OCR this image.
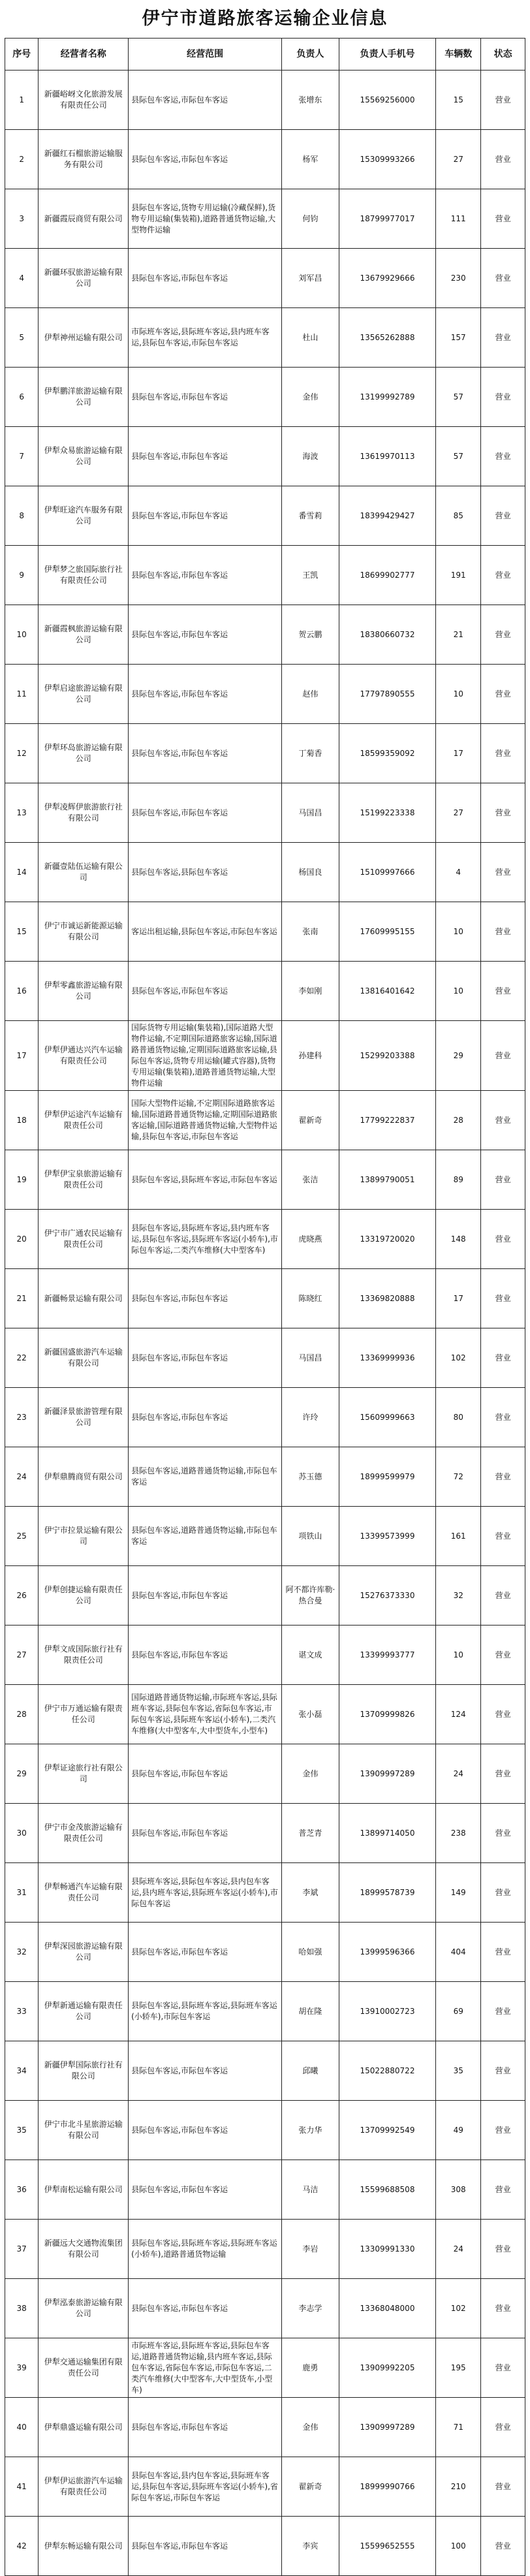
伊宁市道路旅客运输企业信息
序号	经营者名称	经营范围	负责人	负责人手机号	车辆数	状态
1	新疆峪岈文化旅游发展有限责任公司	县际包车客运,市际包车客运	张增东	15569256000	15	营业
2	新疆红石榴旅游运输服务有限公司	县际包车客运,市际包车客运	杨军	15309993266	27	营业
3	新疆霞辰商贸有限公司	县际包车客运,货物专用运输(冷藏保鲜),货物专用运输(集装箱),道路普通货物运输,大型物件运输	何钧	18799977017	111	营业
4	新疆环驭旅游运输有限公司	县际包车客运,市际包车客运	刘军昌	13679929666	230	营业
5	伊犁神州运输有限公司	市际班车客运,县际班车客运,县内班车客运,县际包车客运,市际包车客运	杜山	13565262888	157	营业
6	伊犁鹏洋旅游运输有限公司	县际包车客运,市际包车客运	金伟	13199992789	57	营业
7	伊犁众易旅游运输有限公司	县际包车客运,市际包车客运	海波	13619970113	57	营业
8	伊犁旺途汽车服务有限公司	县际包车客运,市际包车客运	番雪莉	18399429427	85	营业
9	伊犁梦之旅国际旅行社有限责任公司	县际包车客运,市际包车客运	王凯	18699902777	191	营业
10	新疆霞枫旅游运输有限公司	县际包车客运,市际包车客运	贺云鹏	18380660732	21	营业
11	伊犁启途旅游运输有限公司	县际包车客运,市际包车客运	赵伟	17797890555	10	营业
12	伊犁环岛旅游运输有限公司	县际包车客运,市际包车客运	丁菊香	18599359092	17	营业
13	伊犁凌辉伊旅游旅行社有限公司	县际包车客运,市际包车客运	马国昌	15199223338	27	营业
14	新疆壹陆伍运输有限公司	县际包车客运,县际包车客运	杨国良	15109997666	4	营业
15	伊宁市诚运新能源运输有限公司	客运出租运输,县际包车客运,市际包车客运	张南	17609995155	10	营业
16	伊犁零鑫旅游运输有限公司	县际包车客运,市际包车客运	李如刚	13816401642	10	营业
17	伊犁伊通达兴汽车运输有限责任公司	国际货物专用运输(集装箱),国际道路大型物件运输,不定期国际道路旅客运输,国际道路普通货物运输,定期国际道路旅客运输,县际包车客运,货物专用运输(罐式容器),货物专用运输(集装箱),道路普通货物运输,大型物件运输	孙建科	15299203388	29	营业
18	伊犁伊运途汽车运输有限责任公司	国际大型物件运输,不定期国际道路旅客运输,国际道路普通货物运输,定期国际道路旅客运输,国际道路普通货物运输,大型物件运输,县际包车客运,市际包车客运	翟新奇	17799222837	28	营业
19	伊犁伊宝泉旅游运输有限责任公司	县际包车客运,县际班车客运,市际包车客运	张洁	13899790051	89	营业
20	伊宁市广通农民运输有限责任公司	县际包车客运,县际班车客运,县内班车客运,县际包车客运,县际班车客运(小轿车),市际包车客运,二类汽车维修(大中型客车)	虎晓燕	13319720020	148	营业
21	新疆畅景运输有限公司	县际包车客运,市际包车客运	陈晓红	13369820888	17	营业
22	新疆国盛旅游汽车运输有限公司	县际包车客运,市际包车客运	马国昌	13369999936	102	营业
23	新疆泽景旅游管理有限公司	县际包车客运,市际包车客运	许玲	15609999663	80	营业
24	伊犁鼎腾商贸有限公司	县际包车客运,道路普通货物运输,市际包车客运	苏玉德	18999599979	72	营业
25	伊宁市拉景运输有限公司	县际包车客运,道路普通货物运输,市际包车客运	项铁山	13399573999	161	营业
26	伊犁创捷运输有限责任公司	县际包车客运,市际包车客运	阿不都许库勒·热合曼	15276373330	32	营业
27	伊犁文成国际旅行社有限责任公司	县际包车客运,市际包车客运	谌文成	13399993777	10	营业
28	伊宁市万通运输有限责任公司	国际道路普通货物运输,市际班车客运,县际班车客运,县际包车客运,省际包车客运,市际包车客运,县际班车客运(小轿车),二类汽车维修(大中型客车,大中型货车,小型车)	张小磊	13709999826	124	营业
29	伊犁证途旅行社有限公司	县际包车客运,市际包车客运	金伟	13909997289	24	营业
30	伊宁市金茂旅游运输有限责任公司	县际包车客运,市际包车客运	普芝青	13899714050	238	营业
31	伊犁畅通汽车运输有限责任公司	县际班车客运,县际包车客运,县内包车客运,县内班车客运,县际班车客运(小轿车),市际包车客运	李斌	18999578739	149	营业
32	伊犁深园旅游运输有限公司	县际包车客运,市际包车客运	哈如强	13999596366	404	营业
33	伊犁新通运输有限责任公司	县际包车客运,县际班车客运,县际班车客运(小轿车),市际包车客运	胡在隆	13910002723	69	营业
34	新疆伊犁国际旅行社有限公司	县际包车客运,市际包车客运	邱曦	15022880722	35	营业
35	伊宁市北斗星旅游运输有限公司	县际包车客运,市际包车客运	张力华	13709992549	49	营业
36	伊犁南松运输有限公司	县际包车客运,市际包车客运	马洁	15599688508	308	营业
37	新疆远大交通物流集团有限公司	县际包车客运,县际班车客运,县际班车客运(小轿车),道路普通货物运输	李岩	13309991330	24	营业
38	伊犁泓泰旅游运输有限公司	县际包车客运,市际包车客运	李志学	13368048000	102	营业
39	伊犁交通运输集团有限责任公司	市际班车客运,县际班车客运,县际包车客运,道路普通货物运输,县内班车客运,县际包车客运,省际包车客运,市际包车客运,二类汽车维修(大中型客车,大中型货车,小型车)	鹿勇	13909992205	195	营业
40	伊犁鼎盛运输有限公司	县际包车客运,市际包车客运	金伟	13909997289	71	营业
41	伊犁伊运旅游汽车运输有限责任公司	县际包车客运,县内包车客运,县际班车客运,县际包车客运,县际班车客运(小轿车),省际包车客运,市际包车客运	翟新奇	18999990766	210	营业
42	伊犁东畅运输有限公司	县际包车客运,市际包车客运	李宾	15599652555	100	营业
